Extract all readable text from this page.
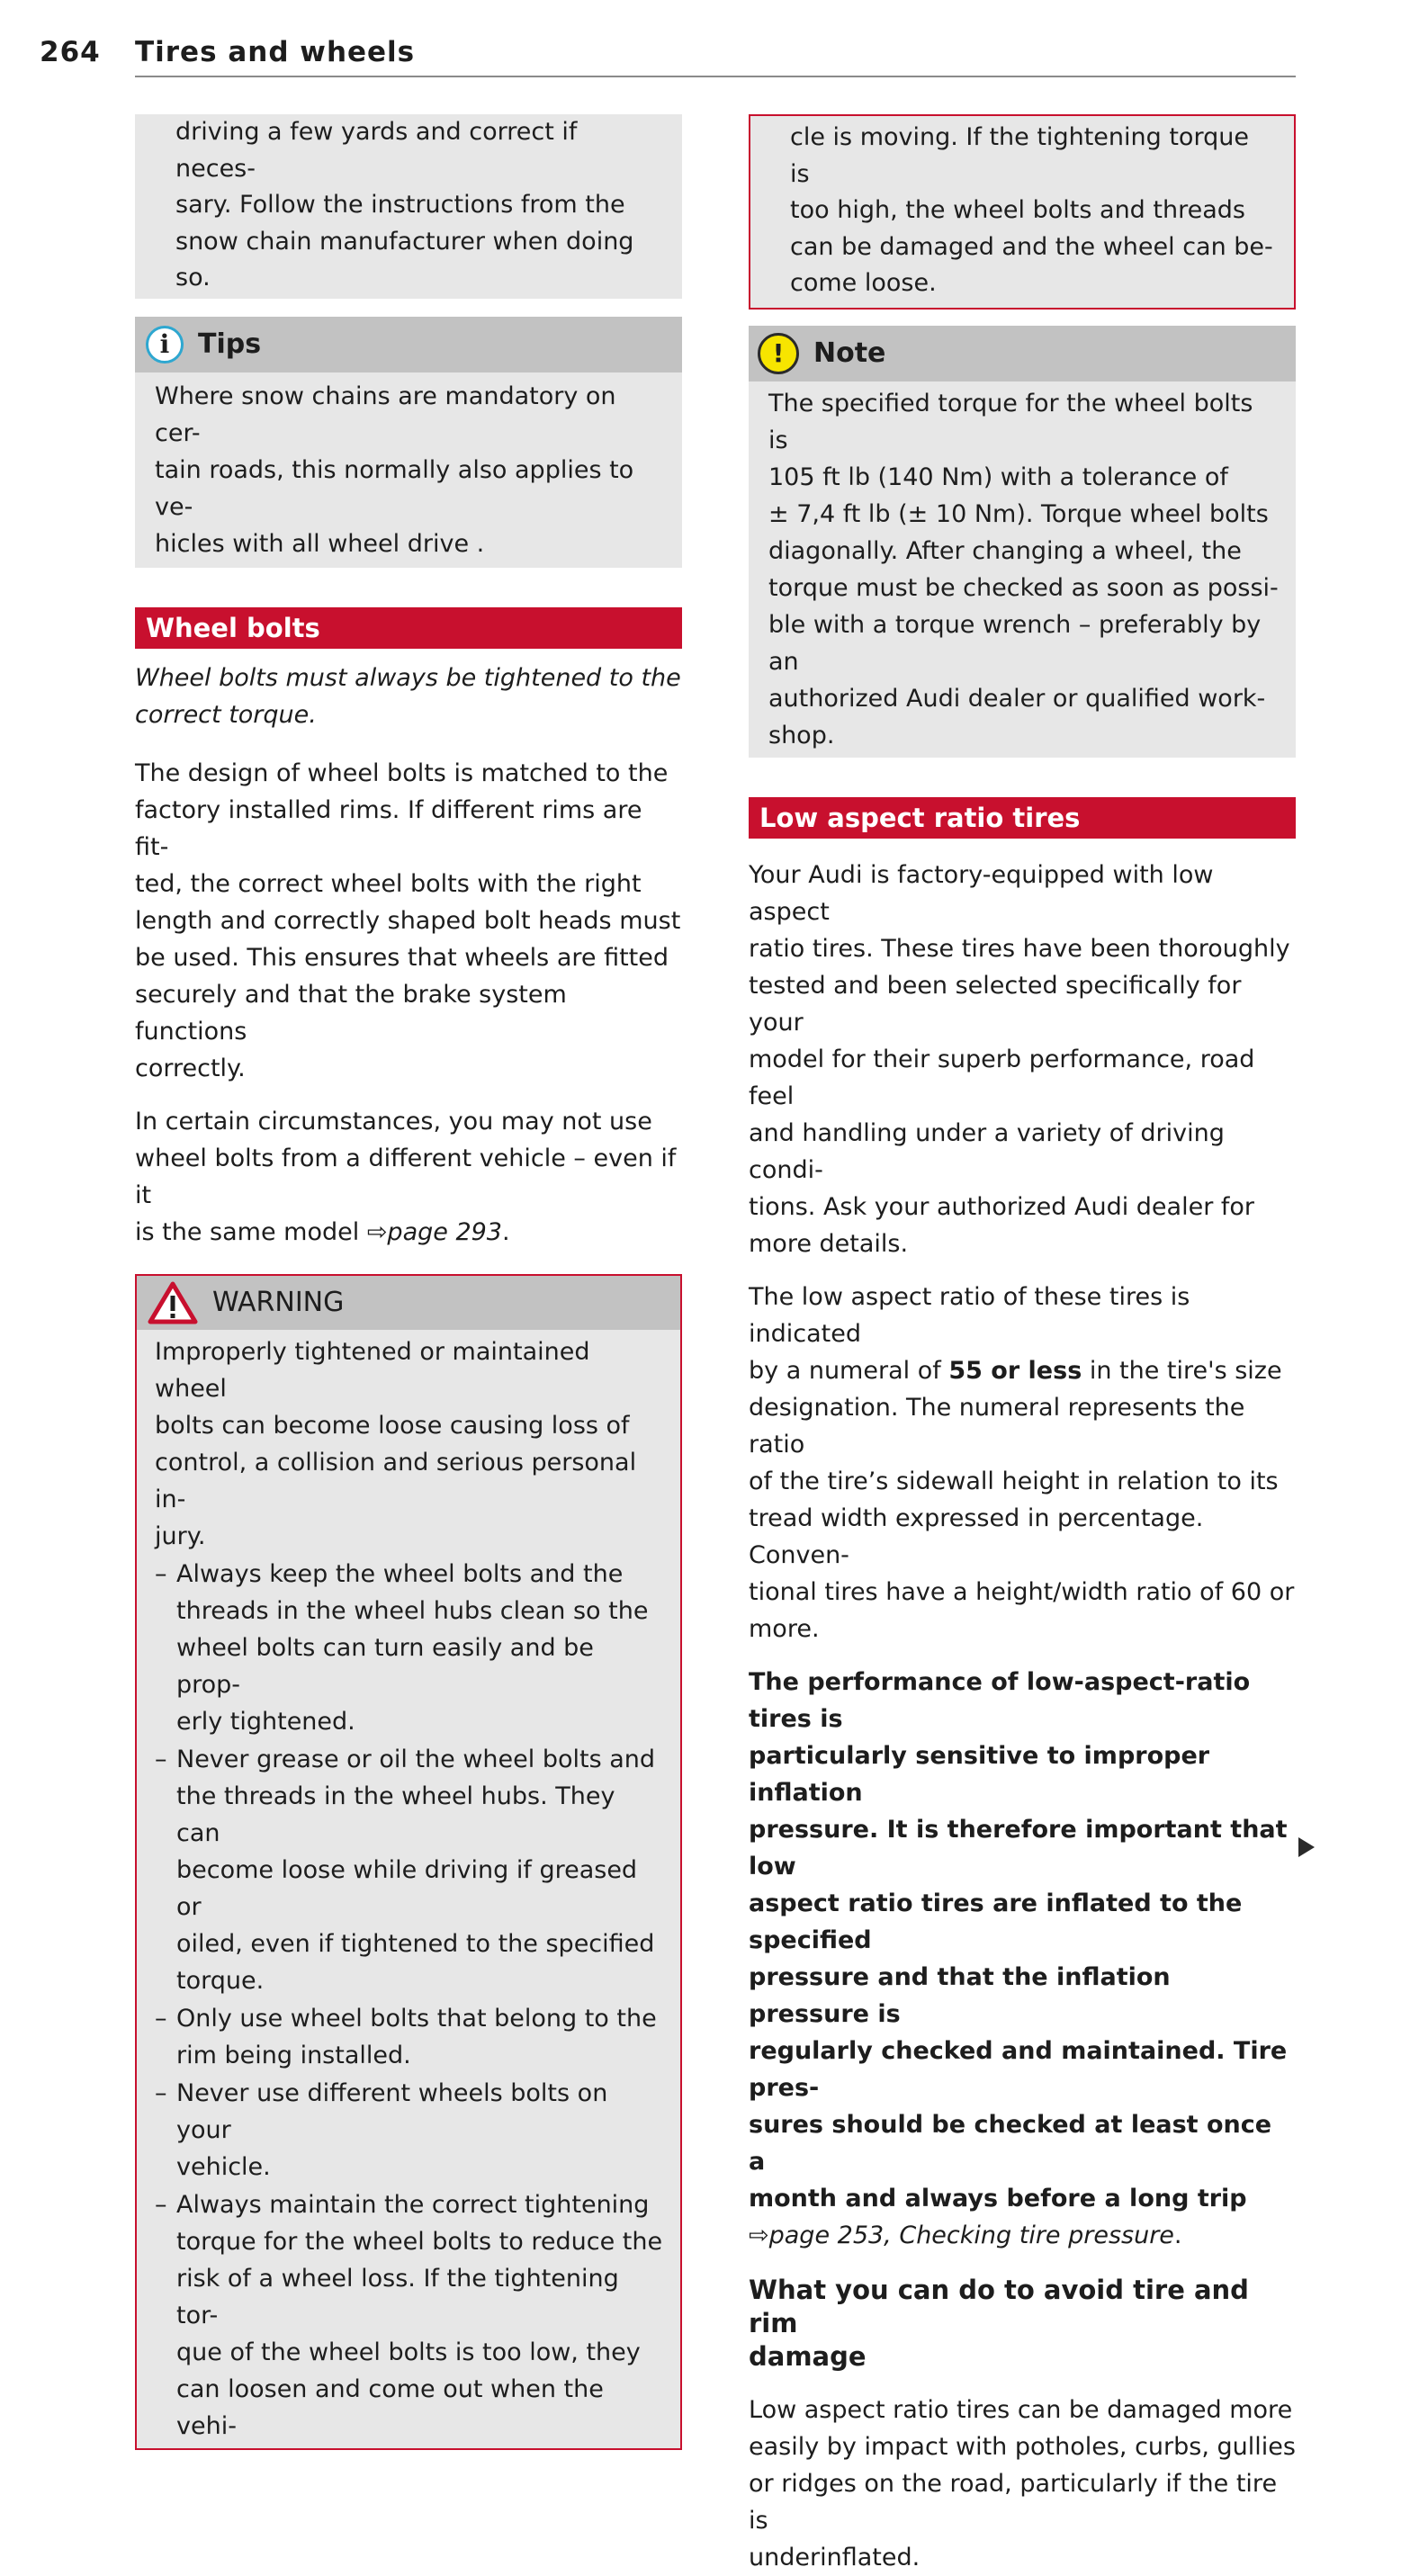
264 Tires and wheels

driving a few yards and correct if neces-

sary. Follow the instructions from the

snow chain manufacturer when doing so.

i	Tips

Where snow chains are mandatory on cer-

tain roads, this normally also applies to ve-

hicles with all wheel drive .

Wheel bolts

Wheel bolts must always be tightened to the

correct torque.

The design of wheel bolts is matched to the

factory installed rims. If different rims are fit-

ted, the correct wheel bolts with the right

length and correctly shaped bolt heads must

be used. This ensures that wheels are fitted

securely and that the brake system functions

correctly.

In certain circumstances, you may not use

wheel bolts from a different vehicle – even if it

is the same model ⇨page 293.

WARNING

Improperly tightened or maintained wheel

bolts can become loose causing loss of

control, a collision and serious personal in-

jury.

– Always keep the wheel bolts and the

threads in the wheel hubs clean so the

wheel bolts can turn easily and be prop-

erly tightened.

– Never grease or oil the wheel bolts and

the threads in the wheel hubs. They can

become loose while driving if greased or

oiled, even if tightened to the specified

torque.

– Only use wheel bolts that belong to the

rim being installed.

– Never use different wheels bolts on your

vehicle.

– Always maintain the correct tightening

torque for the wheel bolts to reduce the

risk of a wheel loss. If the tightening tor-

que of the wheel bolts is too low, they

can loosen and come out when the vehi-

cle is moving. If the tightening torque is

too high, the wheel bolts and threads

can be damaged and the wheel can be-

come loose.

!	Note

The specified torque for the wheel bolts is

105 ft lb (140 Nm) with a tolerance of

± 7,4 ft lb (± 10 Nm). Torque wheel bolts

diagonally. After changing a wheel, the

torque must be checked as soon as possi-

ble with a torque wrench – preferably by an

authorized Audi dealer or qualified work-

shop.

Low aspect ratio tires

Your Audi is factory-equipped with low aspect

ratio tires. These tires have been thoroughly

tested and been selected specifically for your

model for their superb performance, road feel

and handling under a variety of driving condi-

tions. Ask your authorized Audi dealer for

more details.

The low aspect ratio of these tires is indicated

by a numeral of 55 or less in the tire's size

designation. The numeral represents the ratio

of the tire’s sidewall height in relation to its

tread width expressed in percentage. Conven-

tional tires have a height/width ratio of 60 or

more.

The performance of low-aspect-ratio tires is

particularly sensitive to improper inflation

pressure. It is therefore important that low

aspect ratio tires are inflated to the specified

pressure and that the inflation pressure is

regularly checked and maintained. Tire pres-

sures should be checked at least once a

month and always before a long trip

⇨page 253, Checking tire pressure.

What you can do to avoid tire and rim
damage

Low aspect ratio tires can be damaged more

easily by impact with potholes, curbs, gullies

or ridges on the road, particularly if the tire is

underinflated.
